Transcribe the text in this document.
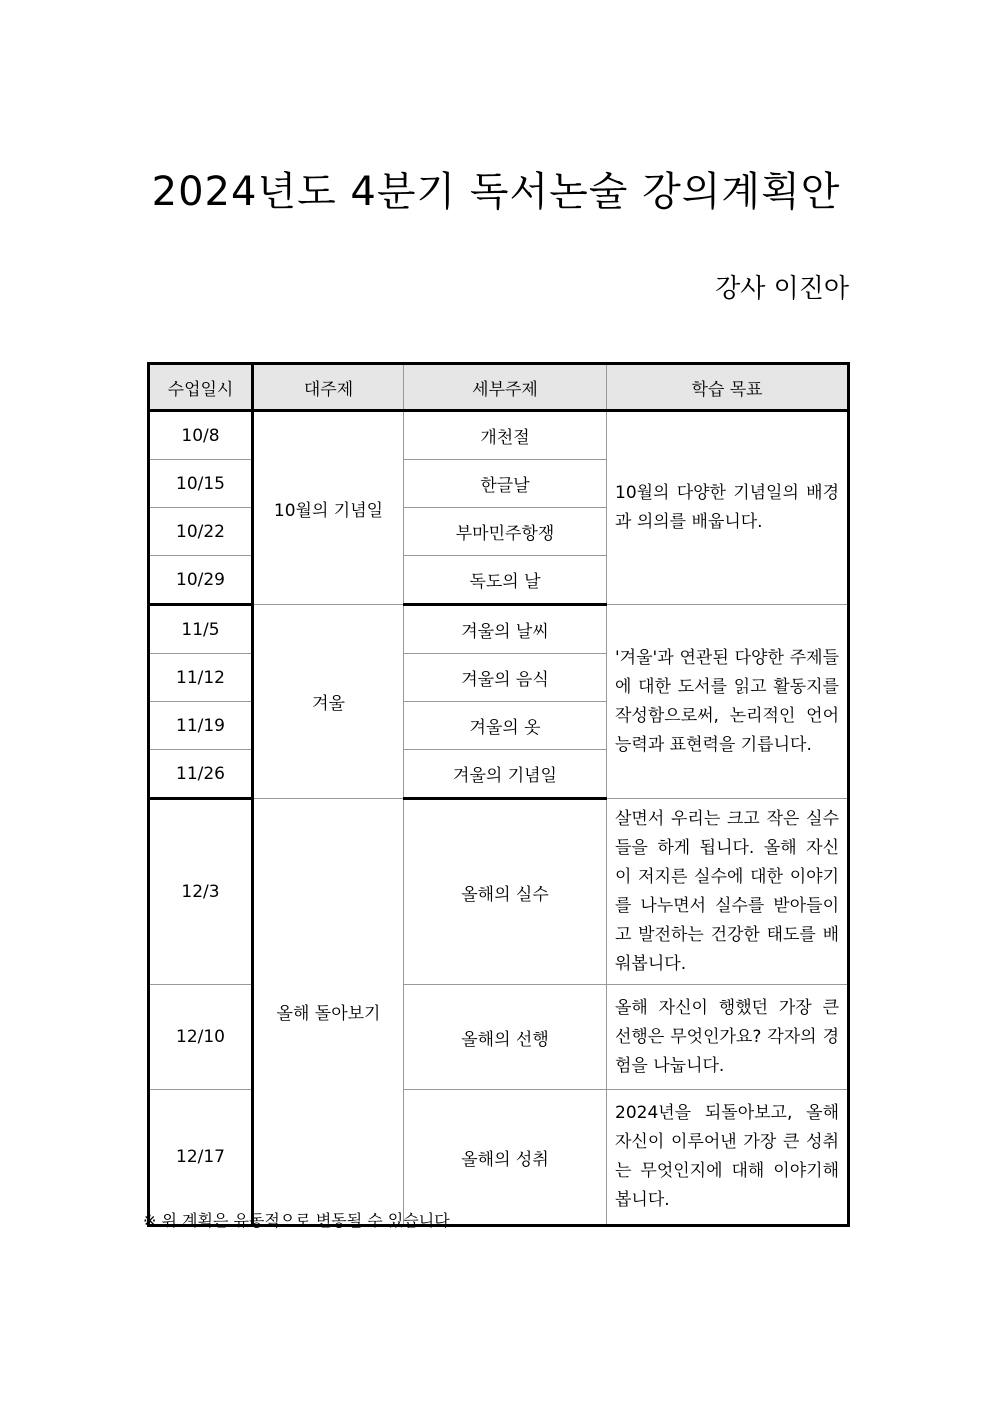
2024년도 4분기 독서논술 강의계획안
강사 이진아
수업일시	대주제	세부주제	학습 목표
10/8	10월의 기념일	개천절	10월의 다양한 기념일의 배경과 의의를 배웁니다.
10/15		한글날	
10/22		부마민주항쟁	
10/29		독도의 날	
11/5	겨울	겨울의 날씨	'겨울'과 연관된 다양한 주제들에 대한 도서를 읽고 활동지를 작성함으로써, 논리적인 언어 능력과 표현력을 기릅니다.
11/12		겨울의 음식	
11/19		겨울의 옷	
11/26		겨울의 기념일	
12/3	올해 돌아보기	올해의 실수	살면서 우리는 크고 작은 실수들을 하게 됩니다. 올해 자신이 저지른 실수에 대한 이야기를 나누면서 실수를 받아들이고 발전하는 건강한 태도를 배워봅니다.
12/10		올해의 선행	올해 자신이 행했던 가장 큰 선행은 무엇인가요? 각자의 경험을 나눕니다.
12/17		올해의 성취	2024년을 되돌아보고, 올해 자신이 이루어낸 가장 큰 성취는 무엇인지에 대해 이야기해봅니다.
※ 위 계획은 유동적으로 변동될 수 있습니다.
